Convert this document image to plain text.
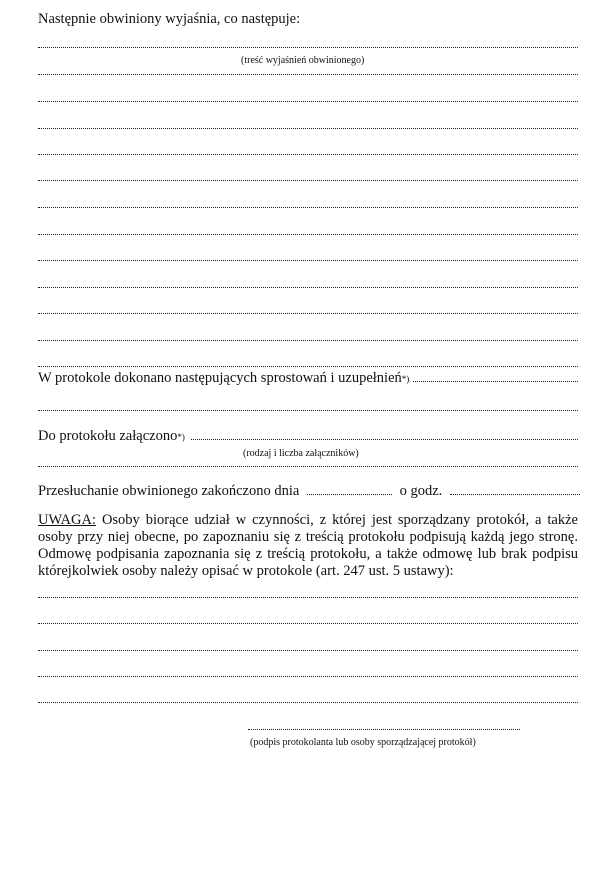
Następnie obwiniony wyjaśnia, co następuje:
(treść wyjaśnień obwinionego)
W protokole dokonano następujących sprostowań i uzupełnień *)
Do protokołu załączono *)
(rodzaj i liczba załączników)
Przesłuchanie obwinionego zakończono dnia	o godz.
UWAGA: Osoby biorące udział w czynności, z której jest sporządzany protokół, a także osoby przy niej obecne, po zapoznaniu się z treścią protokołu podpisują każdą jego stronę. Odmowę podpisania zapoznania się z treścią protokołu, a także odmowę lub brak podpisu którejkolwiek osoby należy opisać w protokole (art. 247 ust. 5 ustawy):
(podpis protokolanta lub osoby sporządzającej protokół)
